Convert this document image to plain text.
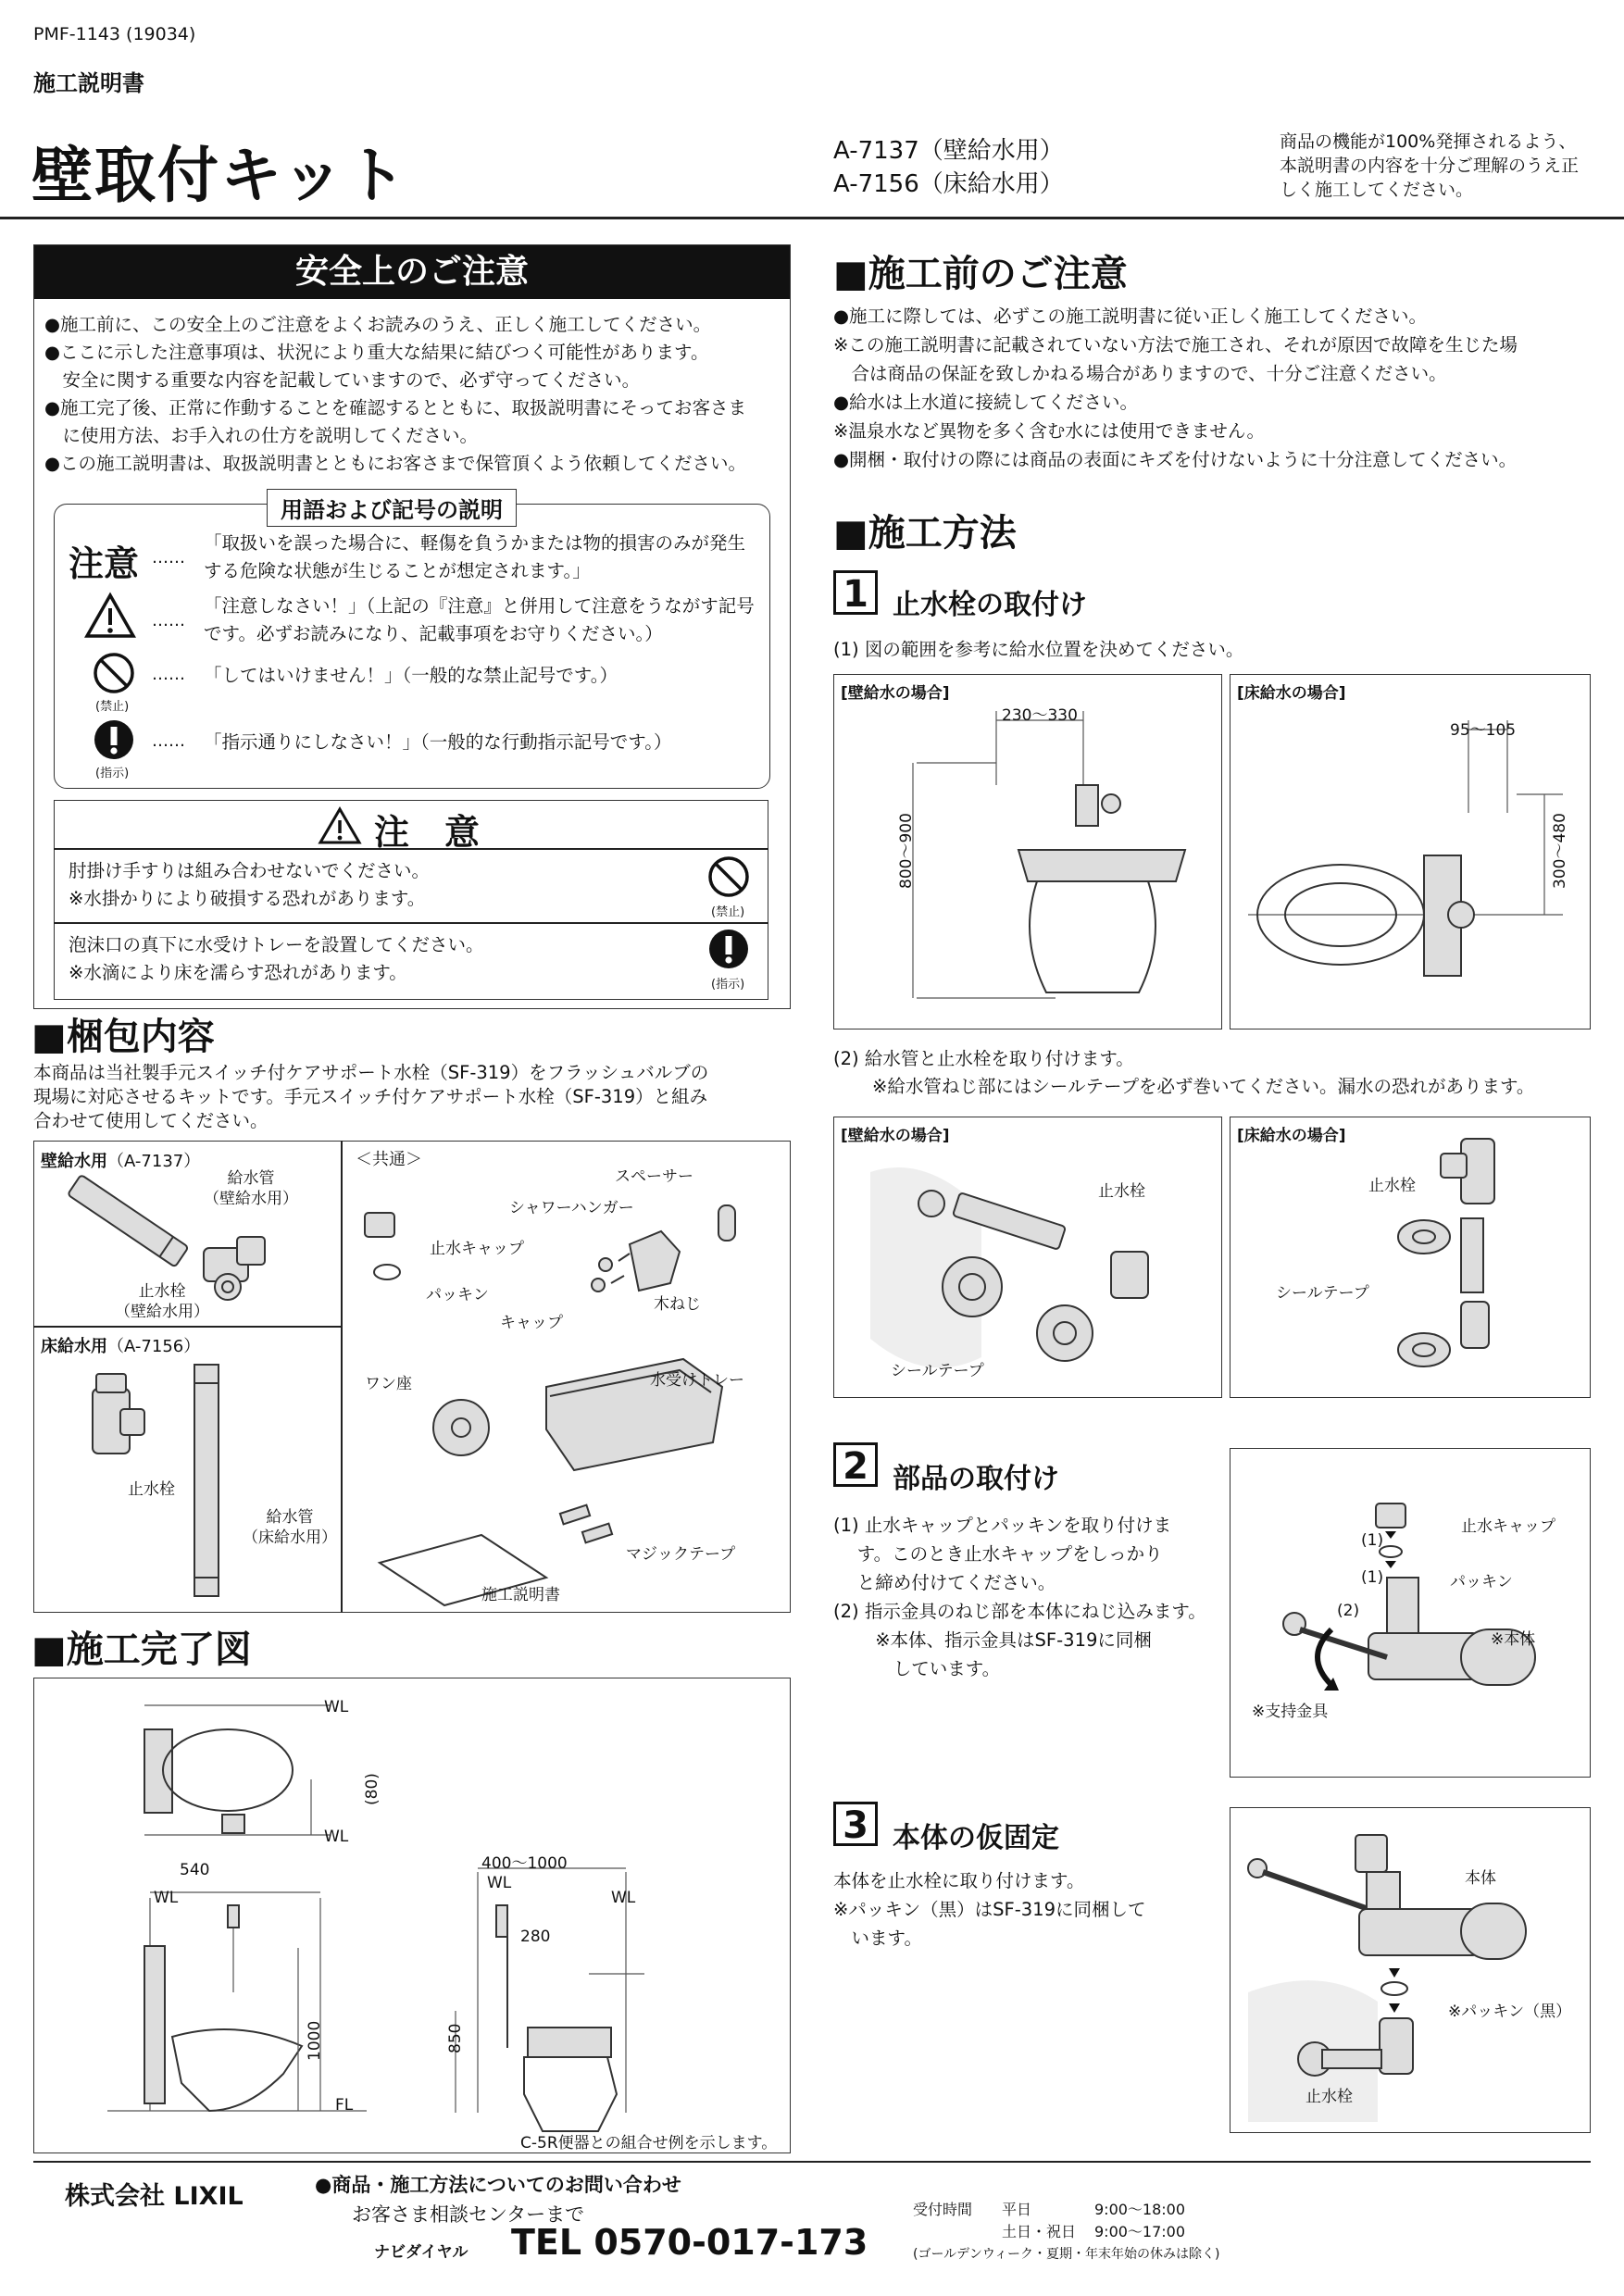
PMF-1143 (19034)
施工説明書
壁取付キット	A-7137（壁給水用）
A-7156（床給水用）
商品の機能が100%発揮されるよう、
本説明書の内容を十分ご理解のうえ正
しく施工してください。
安全上のご注意
●施工前に、この安全上のご注意をよくお読みのうえ、正しく施工してください。
●ここに示した注意事項は、状況により重大な結果に結びつく可能性があります。
　安全に関する重要な内容を記載していますので、必ず守ってください。
●施工完了後、正常に作動することを確認するとともに、取扱説明書にそってお客さま
　に使用方法、お手入れの仕方を説明してください。
●この施工説明書は、取扱説明書とともにお客さまで保管頂くよう依頼してください。
用語および記号の説明
注意 ……
「取扱いを誤った場合に、軽傷を負うかまたは物的損害のみが発生
する危険な状態が生じることが想定されます。」
……
「注意しなさい！」（上記の『注意』と併用して注意をうながす記号
です。必ずお読みになり、記載事項をお守りください。）
(禁止)
…… 「してはいけません！」（一般的な禁止記号です。）
(指示)
…… 「指示通りにしなさい！」（一般的な行動指示記号です。）
注　意
肘掛け手すりは組み合わせないでください。
※水掛かりにより破損する恐れがあります。
(禁止)
泡沫口の真下に水受けトレーを設置してください。
※水滴により床を濡らす恐れがあります。
(指示)
■梱包内容
本商品は当社製手元スイッチ付ケアサポート水栓（SF-319）をフラッシュバルブの
現場に対応させるキットです。手元スイッチ付ケアサポート水栓（SF-319）と組み
合わせて使用してください。
壁給水用（A-7137）
給水管
（壁給水用）
止水栓
（壁給水用）
床給水用（A-7156）
止水栓
給水管
（床給水用）
＜共通＞
スペーサー
シャワーハンガー
止水キャップ
パッキン	木ねじ
キャップ
ワン座	水受けトレー
マジックテープ
施工説明書
■施工完了図
WL
WL
(80)
540
WL
1000
FL
400〜1000
WL
WL
280
850
C-5R便器との組合せ例を示します。
■施工前のご注意
●施工に際しては、必ずこの施工説明書に従い正しく施工してください。
※この施工説明書に記載されていない方法で施工され、それが原因で故障を生じた場
　合は商品の保証を致しかねる場合がありますので、十分ご注意ください。
●給水は上水道に接続してください。
※温泉水など異物を多く含む水には使用できません。
●開梱・取付けの際には商品の表面にキズを付けないように十分注意してください。
■施工方法
1 止水栓の取付け
(1) 図の範囲を参考に給水位置を決めてください。
[壁給水の場合]
230〜330
800〜900
[床給水の場合]
95〜105
300〜480
(2) 給水管と止水栓を取り付けます。
※給水管ねじ部にはシールテープを必ず巻いてください。漏水の恐れがあります。
[壁給水の場合]
止水栓
シールテープ
[床給水の場合]
止水栓
シールテープ
2 部品の取付け
(1) 止水キャップとパッキンを取り付けま
　 す。このとき止水キャップをしっかり
　 と締め付けてください。
(2) 指示金具のねじ部を本体にねじ込みます。
　　 ※本体、指示金具はSF-319に同梱
　　　 しています。
止水キャップ
(1)
(1)	パッキン
(2)
※本体
※支持金具
3 本体の仮固定
本体を止水栓に取り付けます。
※パッキン（黒）はSF-319に同梱して
　います。
本体
※パッキン（黒）
止水栓
株式会社 LIXIL	●商品・施工方法についてのお問い合わせ
お客さま相談センターまで
ナビダイヤル TEL 0570-017-173
受付時間 平日	9:00〜18:00
土日・祝日 9:00〜17:00
(ゴールデンウィーク・夏期・年末年始の休みは除く)
